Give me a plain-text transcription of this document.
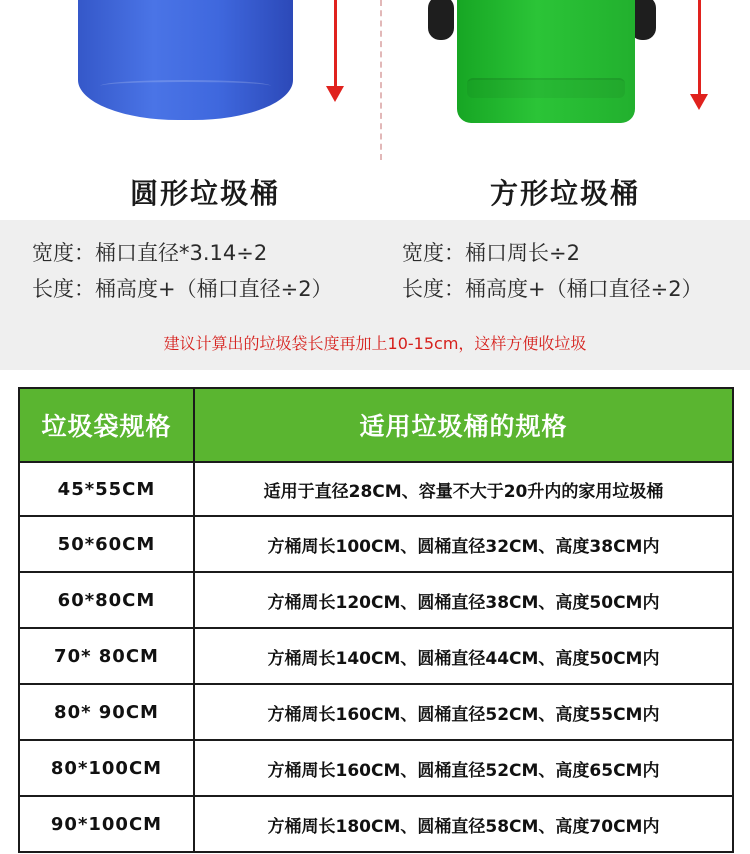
圆形垃圾桶	方形垃圾桶
宽度：桶口直径*3.14÷2
长度：桶高度+（桶口直径÷2）
宽度：桶口周长÷2
长度：桶高度+（桶口直径÷2）
建议计算出的垃圾袋长度再加上10-15cm，这样方便收垃圾
垃圾袋规格	适用垃圾桶的规格
45*55CM	适用于直径28CM、容量不大于20升内的家用垃圾桶
50*60CM	方桶周长100CM、圆桶直径32CM、高度38CM内
60*80CM	方桶周长120CM、圆桶直径38CM、高度50CM内
70* 80CM	方桶周长140CM、圆桶直径44CM、高度50CM内
80* 90CM	方桶周长160CM、圆桶直径52CM、高度55CM内
80*100CM	方桶周长160CM、圆桶直径52CM、高度65CM内
90*100CM	方桶周长180CM、圆桶直径58CM、高度70CM内
